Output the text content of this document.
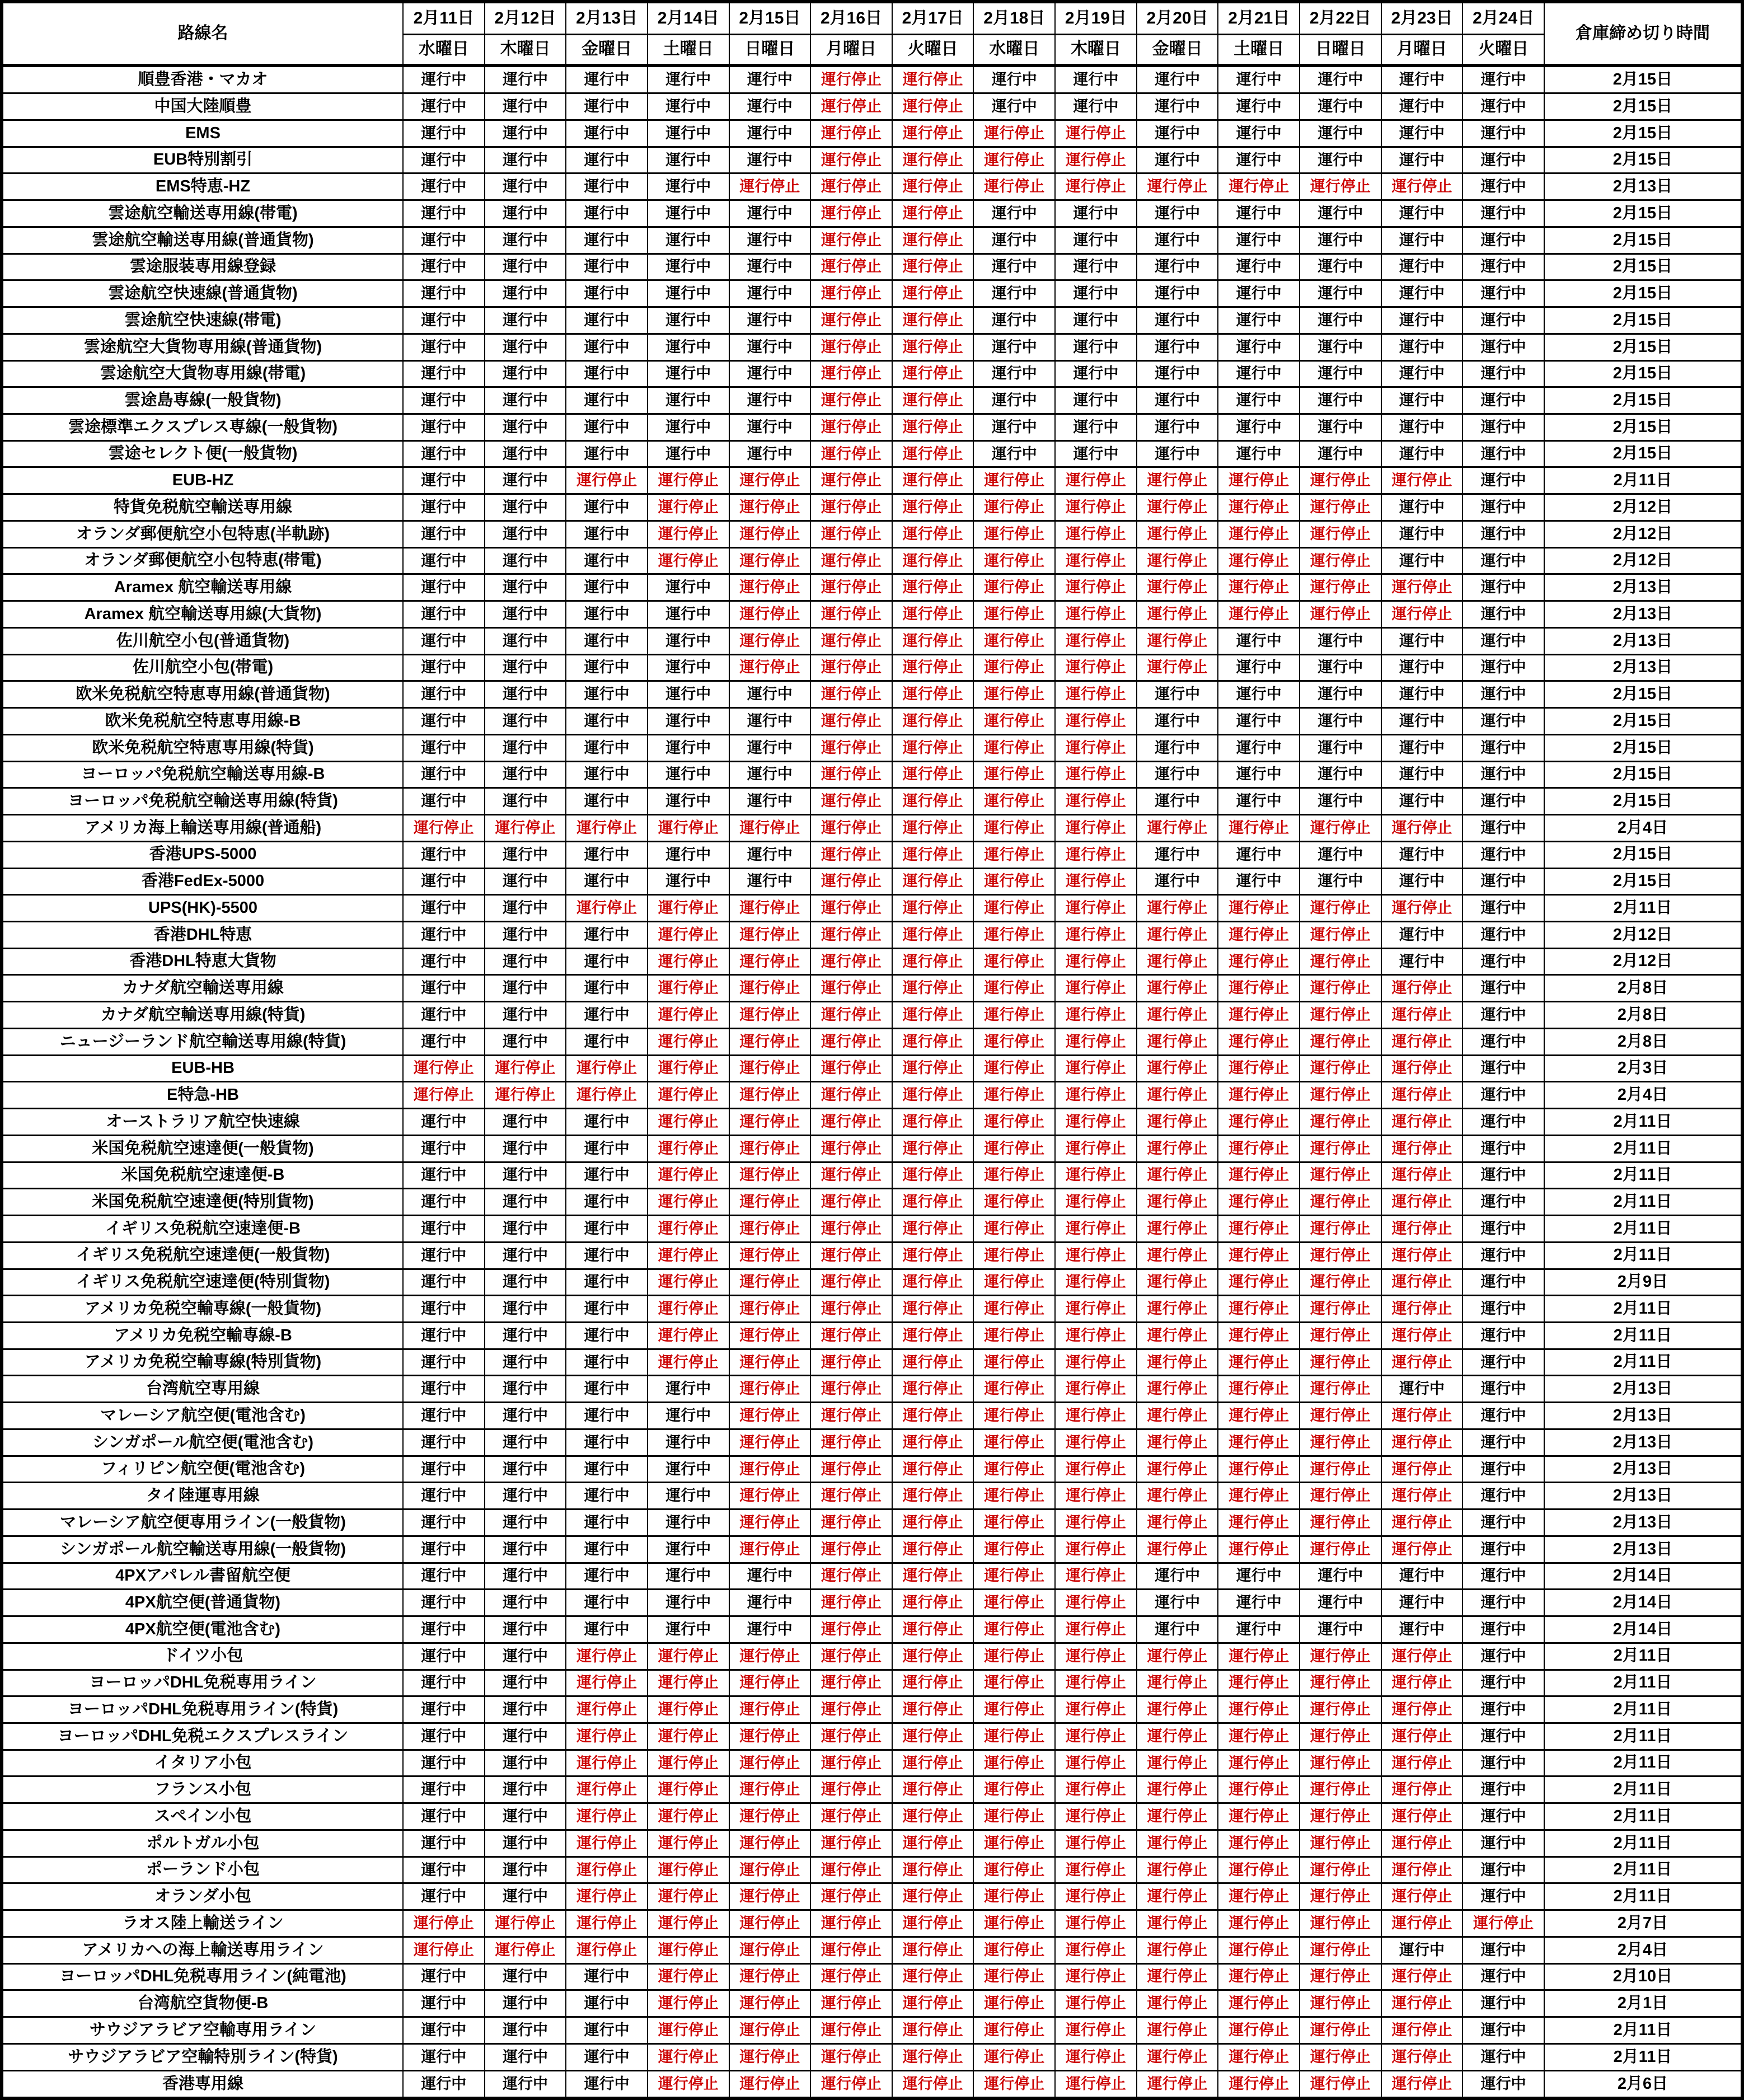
路線名	2月11日	2月12日	2月13日	2月14日	2月15日	2月16日	2月17日	2月18日	2月19日	2月20日	2月21日	2月22日	2月23日	2月24日	倉庫締め切り時間
	水曜日	木曜日	金曜日	土曜日	日曜日	月曜日	火曜日	水曜日	木曜日	金曜日	土曜日	日曜日	月曜日	火曜日	
順豊香港・マカオ	運行中	運行中	運行中	運行中	運行中	運行停止	運行停止	運行中	運行中	運行中	運行中	運行中	運行中	運行中	2月15日
中国大陸順豊	運行中	運行中	運行中	運行中	運行中	運行停止	運行停止	運行中	運行中	運行中	運行中	運行中	運行中	運行中	2月15日
EMS	運行中	運行中	運行中	運行中	運行中	運行停止	運行停止	運行停止	運行停止	運行中	運行中	運行中	運行中	運行中	2月15日
EUB特別割引	運行中	運行中	運行中	運行中	運行中	運行停止	運行停止	運行停止	運行停止	運行中	運行中	運行中	運行中	運行中	2月15日
EMS特恵-HZ	運行中	運行中	運行中	運行中	運行停止	運行停止	運行停止	運行停止	運行停止	運行停止	運行停止	運行停止	運行停止	運行中	2月13日
雲途航空輸送専用線(帯電)	運行中	運行中	運行中	運行中	運行中	運行停止	運行停止	運行中	運行中	運行中	運行中	運行中	運行中	運行中	2月15日
雲途航空輸送専用線(普通貨物)	運行中	運行中	運行中	運行中	運行中	運行停止	運行停止	運行中	運行中	運行中	運行中	運行中	運行中	運行中	2月15日
雲途服装専用線登録	運行中	運行中	運行中	運行中	運行中	運行停止	運行停止	運行中	運行中	運行中	運行中	運行中	運行中	運行中	2月15日
雲途航空快速線(普通貨物)	運行中	運行中	運行中	運行中	運行中	運行停止	運行停止	運行中	運行中	運行中	運行中	運行中	運行中	運行中	2月15日
雲途航空快速線(帯電)	運行中	運行中	運行中	運行中	運行中	運行停止	運行停止	運行中	運行中	運行中	運行中	運行中	運行中	運行中	2月15日
雲途航空大貨物専用線(普通貨物)	運行中	運行中	運行中	運行中	運行中	運行停止	運行停止	運行中	運行中	運行中	運行中	運行中	運行中	運行中	2月15日
雲途航空大貨物専用線(帯電)	運行中	運行中	運行中	運行中	運行中	運行停止	運行停止	運行中	運行中	運行中	運行中	運行中	運行中	運行中	2月15日
雲途島専線(一般貨物)	運行中	運行中	運行中	運行中	運行中	運行停止	運行停止	運行中	運行中	運行中	運行中	運行中	運行中	運行中	2月15日
雲途標準エクスプレス専線(一般貨物)	運行中	運行中	運行中	運行中	運行中	運行停止	運行停止	運行中	運行中	運行中	運行中	運行中	運行中	運行中	2月15日
雲途セレクト便(一般貨物)	運行中	運行中	運行中	運行中	運行中	運行停止	運行停止	運行中	運行中	運行中	運行中	運行中	運行中	運行中	2月15日
EUB-HZ	運行中	運行中	運行停止	運行停止	運行停止	運行停止	運行停止	運行停止	運行停止	運行停止	運行停止	運行停止	運行停止	運行中	2月11日
特貨免税航空輸送専用線	運行中	運行中	運行中	運行停止	運行停止	運行停止	運行停止	運行停止	運行停止	運行停止	運行停止	運行停止	運行中	運行中	2月12日
オランダ郵便航空小包特恵(半軌跡)	運行中	運行中	運行中	運行停止	運行停止	運行停止	運行停止	運行停止	運行停止	運行停止	運行停止	運行停止	運行中	運行中	2月12日
オランダ郵便航空小包特恵(帯電)	運行中	運行中	運行中	運行停止	運行停止	運行停止	運行停止	運行停止	運行停止	運行停止	運行停止	運行停止	運行中	運行中	2月12日
Aramex 航空輸送専用線	運行中	運行中	運行中	運行中	運行停止	運行停止	運行停止	運行停止	運行停止	運行停止	運行停止	運行停止	運行停止	運行中	2月13日
Aramex 航空輸送専用線(大貨物)	運行中	運行中	運行中	運行中	運行停止	運行停止	運行停止	運行停止	運行停止	運行停止	運行停止	運行停止	運行停止	運行中	2月13日
佐川航空小包(普通貨物)	運行中	運行中	運行中	運行中	運行停止	運行停止	運行停止	運行停止	運行停止	運行停止	運行中	運行中	運行中	運行中	2月13日
佐川航空小包(帯電)	運行中	運行中	運行中	運行中	運行停止	運行停止	運行停止	運行停止	運行停止	運行停止	運行中	運行中	運行中	運行中	2月13日
欧米免税航空特恵専用線(普通貨物)	運行中	運行中	運行中	運行中	運行中	運行停止	運行停止	運行停止	運行停止	運行中	運行中	運行中	運行中	運行中	2月15日
欧米免税航空特恵専用線-B	運行中	運行中	運行中	運行中	運行中	運行停止	運行停止	運行停止	運行停止	運行中	運行中	運行中	運行中	運行中	2月15日
欧米免税航空特恵専用線(特貨)	運行中	運行中	運行中	運行中	運行中	運行停止	運行停止	運行停止	運行停止	運行中	運行中	運行中	運行中	運行中	2月15日
ヨーロッパ免税航空輸送専用線-B	運行中	運行中	運行中	運行中	運行中	運行停止	運行停止	運行停止	運行停止	運行中	運行中	運行中	運行中	運行中	2月15日
ヨーロッパ免税航空輸送専用線(特貨)	運行中	運行中	運行中	運行中	運行中	運行停止	運行停止	運行停止	運行停止	運行中	運行中	運行中	運行中	運行中	2月15日
アメリカ海上輸送専用線(普通船)	運行停止	運行停止	運行停止	運行停止	運行停止	運行停止	運行停止	運行停止	運行停止	運行停止	運行停止	運行停止	運行停止	運行中	2月4日
香港UPS-5000	運行中	運行中	運行中	運行中	運行中	運行停止	運行停止	運行停止	運行停止	運行中	運行中	運行中	運行中	運行中	2月15日
香港FedEx-5000	運行中	運行中	運行中	運行中	運行中	運行停止	運行停止	運行停止	運行停止	運行中	運行中	運行中	運行中	運行中	2月15日
UPS(HK)-5500	運行中	運行中	運行停止	運行停止	運行停止	運行停止	運行停止	運行停止	運行停止	運行停止	運行停止	運行停止	運行停止	運行中	2月11日
香港DHL特恵	運行中	運行中	運行中	運行停止	運行停止	運行停止	運行停止	運行停止	運行停止	運行停止	運行停止	運行停止	運行中	運行中	2月12日
香港DHL特恵大貨物	運行中	運行中	運行中	運行停止	運行停止	運行停止	運行停止	運行停止	運行停止	運行停止	運行停止	運行停止	運行中	運行中	2月12日
カナダ航空輸送専用線	運行中	運行中	運行中	運行停止	運行停止	運行停止	運行停止	運行停止	運行停止	運行停止	運行停止	運行停止	運行停止	運行中	2月8日
カナダ航空輸送専用線(特貨)	運行中	運行中	運行中	運行停止	運行停止	運行停止	運行停止	運行停止	運行停止	運行停止	運行停止	運行停止	運行停止	運行中	2月8日
ニュージーランド航空輸送専用線(特貨)	運行中	運行中	運行中	運行停止	運行停止	運行停止	運行停止	運行停止	運行停止	運行停止	運行停止	運行停止	運行停止	運行中	2月8日
EUB-HB	運行停止	運行停止	運行停止	運行停止	運行停止	運行停止	運行停止	運行停止	運行停止	運行停止	運行停止	運行停止	運行停止	運行中	2月3日
E特急-HB	運行停止	運行停止	運行停止	運行停止	運行停止	運行停止	運行停止	運行停止	運行停止	運行停止	運行停止	運行停止	運行停止	運行中	2月4日
オーストラリア航空快速線	運行中	運行中	運行中	運行停止	運行停止	運行停止	運行停止	運行停止	運行停止	運行停止	運行停止	運行停止	運行停止	運行中	2月11日
米国免税航空速達便(一般貨物)	運行中	運行中	運行中	運行停止	運行停止	運行停止	運行停止	運行停止	運行停止	運行停止	運行停止	運行停止	運行停止	運行中	2月11日
米国免税航空速達便-B	運行中	運行中	運行中	運行停止	運行停止	運行停止	運行停止	運行停止	運行停止	運行停止	運行停止	運行停止	運行停止	運行中	2月11日
米国免税航空速達便(特別貨物)	運行中	運行中	運行中	運行停止	運行停止	運行停止	運行停止	運行停止	運行停止	運行停止	運行停止	運行停止	運行停止	運行中	2月11日
イギリス免税航空速達便-B	運行中	運行中	運行中	運行停止	運行停止	運行停止	運行停止	運行停止	運行停止	運行停止	運行停止	運行停止	運行停止	運行中	2月11日
イギリス免税航空速達便(一般貨物)	運行中	運行中	運行中	運行停止	運行停止	運行停止	運行停止	運行停止	運行停止	運行停止	運行停止	運行停止	運行停止	運行中	2月11日
イギリス免税航空速達便(特別貨物)	運行中	運行中	運行中	運行停止	運行停止	運行停止	運行停止	運行停止	運行停止	運行停止	運行停止	運行停止	運行停止	運行中	2月9日
アメリカ免税空輸専線(一般貨物)	運行中	運行中	運行中	運行停止	運行停止	運行停止	運行停止	運行停止	運行停止	運行停止	運行停止	運行停止	運行停止	運行中	2月11日
アメリカ免税空輸専線-B	運行中	運行中	運行中	運行停止	運行停止	運行停止	運行停止	運行停止	運行停止	運行停止	運行停止	運行停止	運行停止	運行中	2月11日
アメリカ免税空輸専線(特別貨物)	運行中	運行中	運行中	運行停止	運行停止	運行停止	運行停止	運行停止	運行停止	運行停止	運行停止	運行停止	運行停止	運行中	2月11日
台湾航空専用線	運行中	運行中	運行中	運行中	運行停止	運行停止	運行停止	運行停止	運行停止	運行停止	運行停止	運行停止	運行中	運行中	2月13日
マレーシア航空便(電池含む)	運行中	運行中	運行中	運行中	運行停止	運行停止	運行停止	運行停止	運行停止	運行停止	運行停止	運行停止	運行停止	運行中	2月13日
シンガポール航空便(電池含む)	運行中	運行中	運行中	運行中	運行停止	運行停止	運行停止	運行停止	運行停止	運行停止	運行停止	運行停止	運行停止	運行中	2月13日
フィリピン航空便(電池含む)	運行中	運行中	運行中	運行中	運行停止	運行停止	運行停止	運行停止	運行停止	運行停止	運行停止	運行停止	運行停止	運行中	2月13日
タイ陸運専用線	運行中	運行中	運行中	運行中	運行停止	運行停止	運行停止	運行停止	運行停止	運行停止	運行停止	運行停止	運行停止	運行中	2月13日
マレーシア航空便専用ライン(一般貨物)	運行中	運行中	運行中	運行中	運行停止	運行停止	運行停止	運行停止	運行停止	運行停止	運行停止	運行停止	運行停止	運行中	2月13日
シンガポール航空輸送専用線(一般貨物)	運行中	運行中	運行中	運行中	運行停止	運行停止	運行停止	運行停止	運行停止	運行停止	運行停止	運行停止	運行停止	運行中	2月13日
4PXアパレル書留航空便	運行中	運行中	運行中	運行中	運行中	運行停止	運行停止	運行停止	運行停止	運行中	運行中	運行中	運行中	運行中	2月14日
4PX航空便(普通貨物)	運行中	運行中	運行中	運行中	運行中	運行停止	運行停止	運行停止	運行停止	運行中	運行中	運行中	運行中	運行中	2月14日
4PX航空便(電池含む)	運行中	運行中	運行中	運行中	運行中	運行停止	運行停止	運行停止	運行停止	運行中	運行中	運行中	運行中	運行中	2月14日
ドイツ小包	運行中	運行中	運行停止	運行停止	運行停止	運行停止	運行停止	運行停止	運行停止	運行停止	運行停止	運行停止	運行停止	運行中	2月11日
ヨーロッパDHL免税専用ライン	運行中	運行中	運行停止	運行停止	運行停止	運行停止	運行停止	運行停止	運行停止	運行停止	運行停止	運行停止	運行停止	運行中	2月11日
ヨーロッパDHL免税専用ライン(特貨)	運行中	運行中	運行停止	運行停止	運行停止	運行停止	運行停止	運行停止	運行停止	運行停止	運行停止	運行停止	運行停止	運行中	2月11日
ヨーロッパDHL免税エクスプレスライン	運行中	運行中	運行停止	運行停止	運行停止	運行停止	運行停止	運行停止	運行停止	運行停止	運行停止	運行停止	運行停止	運行中	2月11日
イタリア小包	運行中	運行中	運行停止	運行停止	運行停止	運行停止	運行停止	運行停止	運行停止	運行停止	運行停止	運行停止	運行停止	運行中	2月11日
フランス小包	運行中	運行中	運行停止	運行停止	運行停止	運行停止	運行停止	運行停止	運行停止	運行停止	運行停止	運行停止	運行停止	運行中	2月11日
スペイン小包	運行中	運行中	運行停止	運行停止	運行停止	運行停止	運行停止	運行停止	運行停止	運行停止	運行停止	運行停止	運行停止	運行中	2月11日
ポルトガル小包	運行中	運行中	運行停止	運行停止	運行停止	運行停止	運行停止	運行停止	運行停止	運行停止	運行停止	運行停止	運行停止	運行中	2月11日
ポーランド小包	運行中	運行中	運行停止	運行停止	運行停止	運行停止	運行停止	運行停止	運行停止	運行停止	運行停止	運行停止	運行停止	運行中	2月11日
オランダ小包	運行中	運行中	運行停止	運行停止	運行停止	運行停止	運行停止	運行停止	運行停止	運行停止	運行停止	運行停止	運行停止	運行中	2月11日
ラオス陸上輸送ライン	運行停止	運行停止	運行停止	運行停止	運行停止	運行停止	運行停止	運行停止	運行停止	運行停止	運行停止	運行停止	運行停止	運行停止	2月7日
アメリカへの海上輸送専用ライン	運行停止	運行停止	運行停止	運行停止	運行停止	運行停止	運行停止	運行停止	運行停止	運行停止	運行停止	運行停止	運行中	運行中	2月4日
ヨーロッパDHL免税専用ライン(純電池)	運行中	運行中	運行中	運行停止	運行停止	運行停止	運行停止	運行停止	運行停止	運行停止	運行停止	運行停止	運行停止	運行中	2月10日
台湾航空貨物便-B	運行中	運行中	運行中	運行停止	運行停止	運行停止	運行停止	運行停止	運行停止	運行停止	運行停止	運行停止	運行停止	運行中	2月1日
サウジアラビア空輸専用ライン	運行中	運行中	運行中	運行停止	運行停止	運行停止	運行停止	運行停止	運行停止	運行停止	運行停止	運行停止	運行停止	運行中	2月11日
サウジアラビア空輸特別ライン(特貨)	運行中	運行中	運行中	運行停止	運行停止	運行停止	運行停止	運行停止	運行停止	運行停止	運行停止	運行停止	運行停止	運行中	2月11日
香港専用線	運行中	運行中	運行中	運行停止	運行停止	運行停止	運行停止	運行停止	運行停止	運行停止	運行停止	運行停止	運行停止	運行中	2月6日
